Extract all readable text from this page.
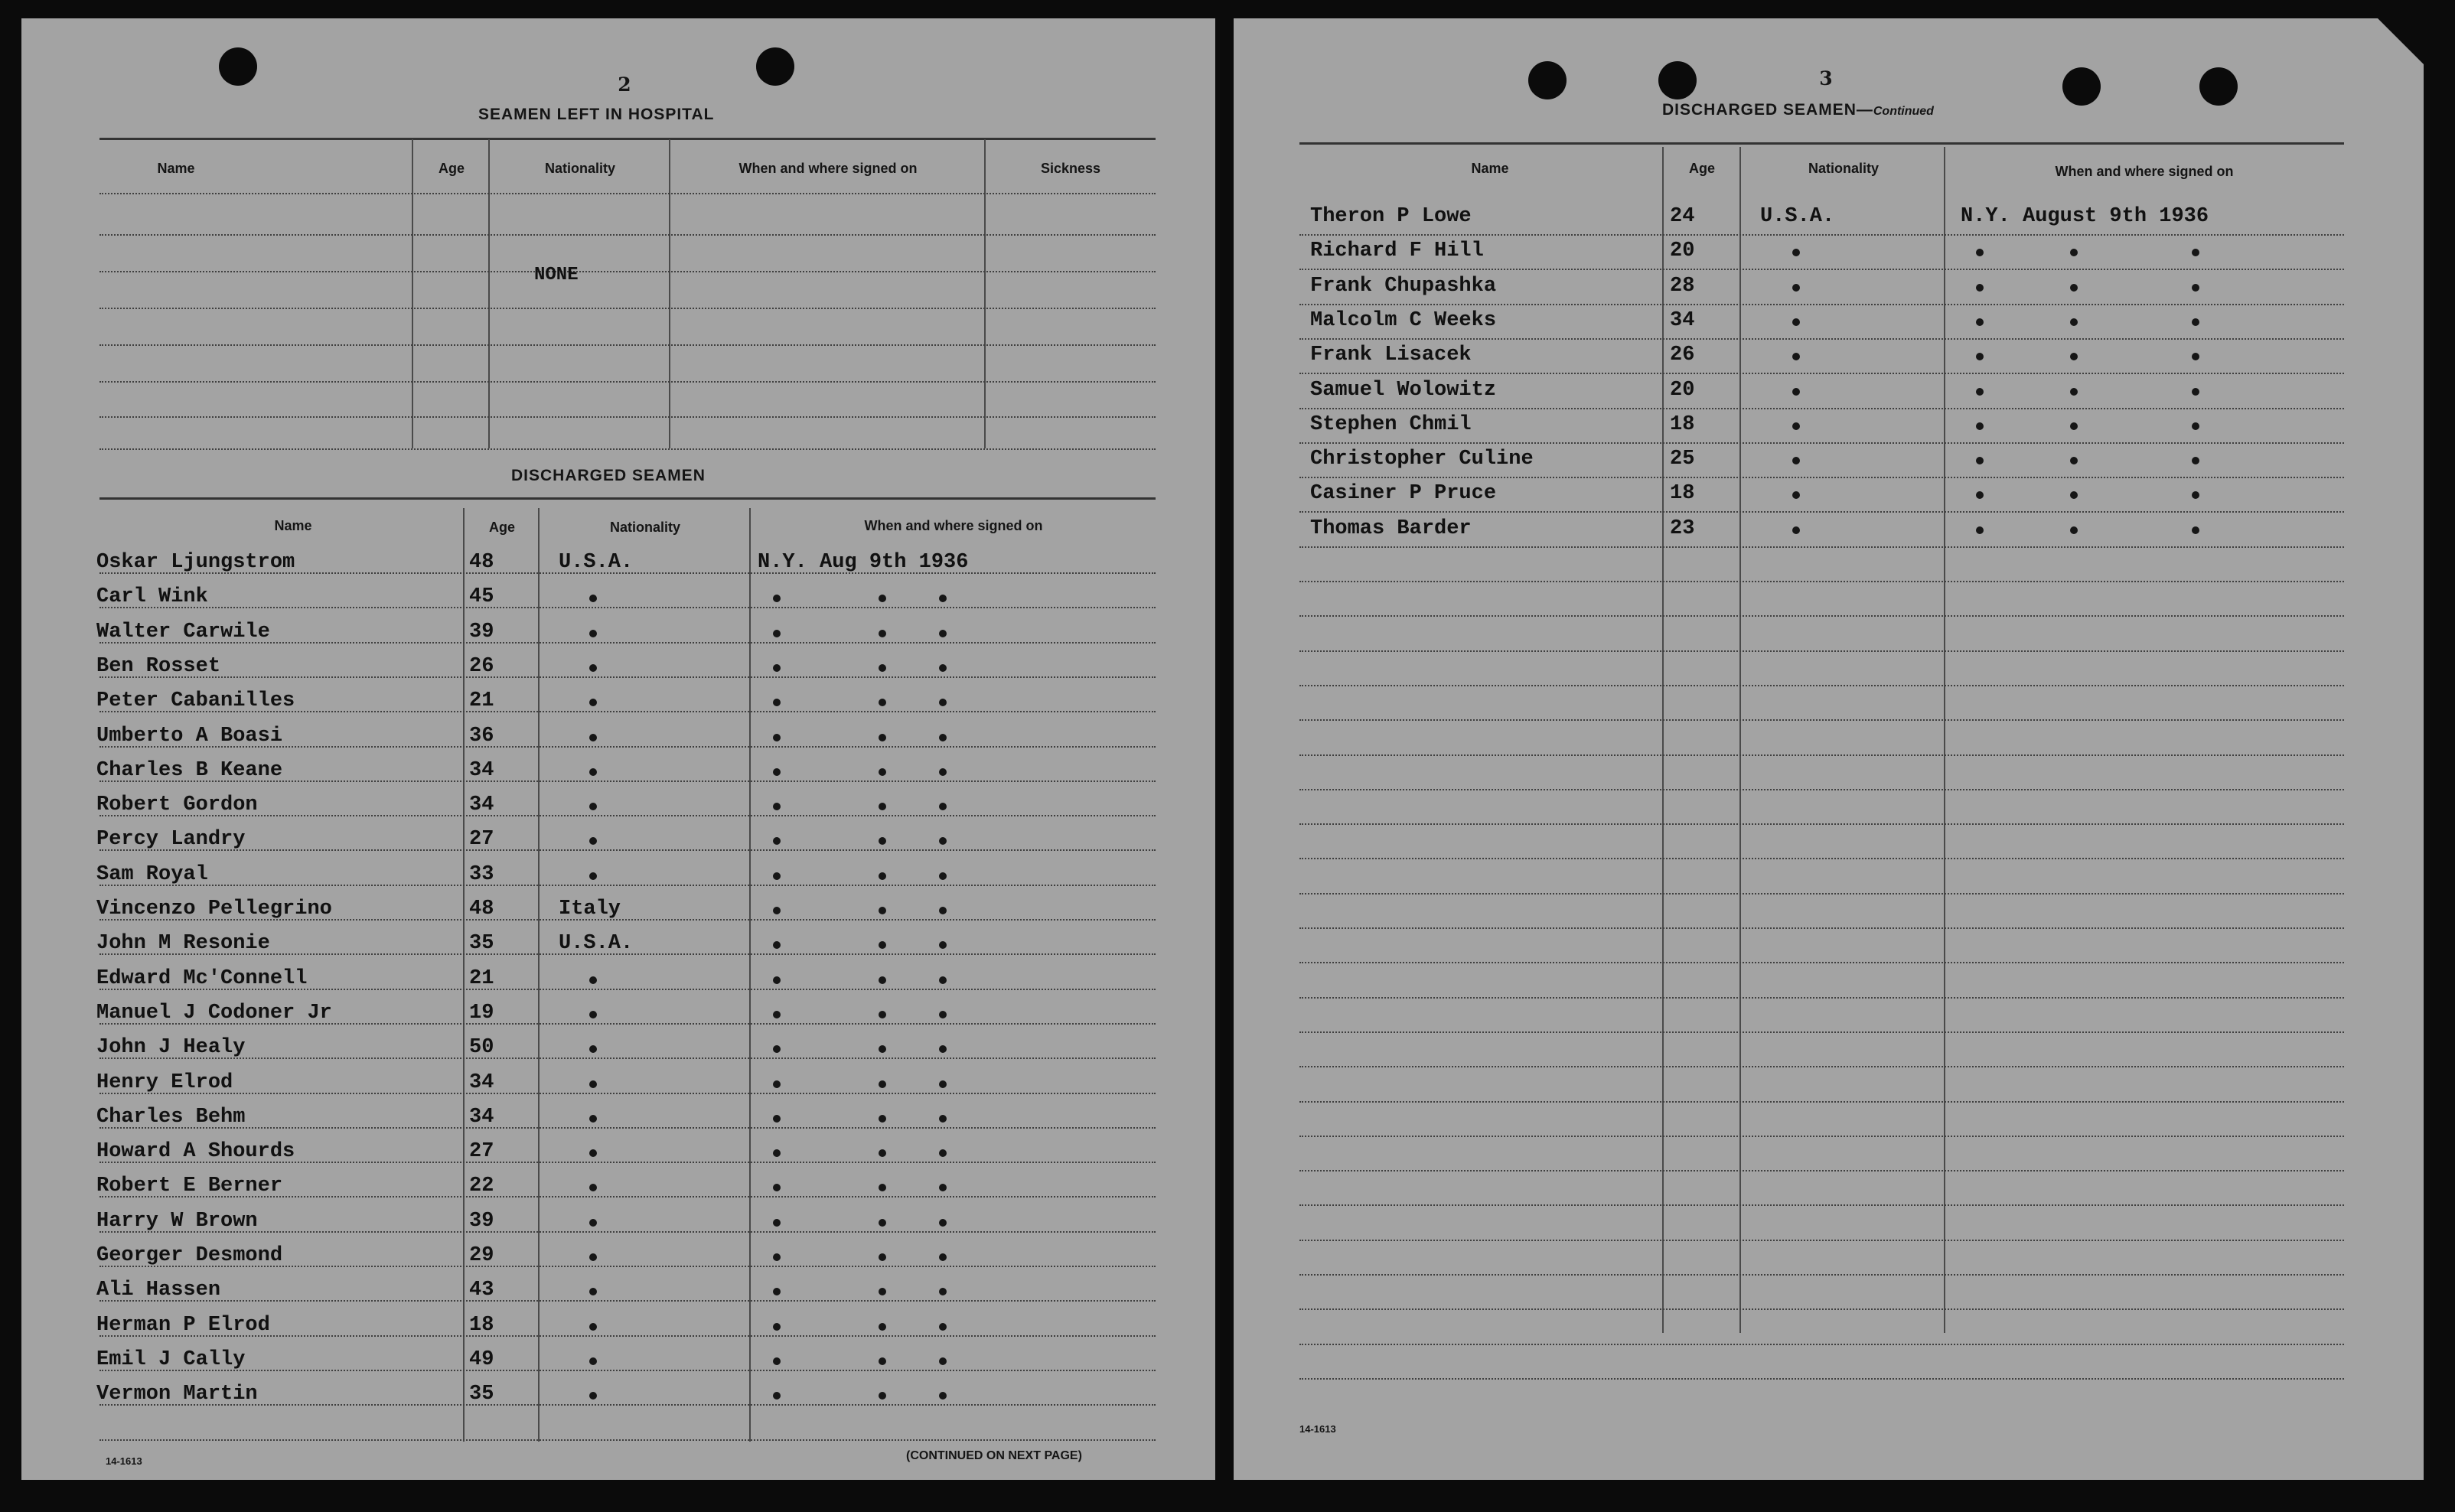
2
SEAMEN LEFT IN HOSPITAL
Name	Age	Nationality	When and where signed on	Sickness
NONE
DISCHARGED SEAMEN
Name	Age	Nationality	When and where signed on
Oskar Ljungstrom	48	U.S.A.	N.Y. Aug 9th 1936
Carl Wink	45
Walter Carwile	39
Ben Rosset	26
Peter Cabanilles	21
Umberto A Boasi	36
Charles B Keane	34
Robert Gordon	34
Percy Landry	27
Sam Royal	33
Vincenzo Pellegrino	48	Italy
John M Resonie	35	U.S.A.
Edward Mc'Connell	21
Manuel J Codoner Jr	19
John J Healy	50
Henry Elrod	34
Charles Behm	34
Howard A Shourds	27
Robert E Berner	22
Harry W Brown	39
Georger Desmond	29
Ali Hassen	43
Herman P Elrod	18
Emil J Cally	49
Vermon Martin	35
14-1613	(CONTINUED ON NEXT PAGE)
3
DISCHARGED SEAMEN—Continued
Name	Age	Nationality	When and where signed on
Theron P Lowe	24	U.S.A.	N.Y. August 9th 1936
Richard F Hill	20
Frank Chupashka	28
Malcolm C Weeks	34
Frank Lisacek	26
Samuel Wolowitz	20
Stephen Chmil	18
Christopher Culine	25
Casiner P Pruce	18
Thomas Barder	23
14-1613
